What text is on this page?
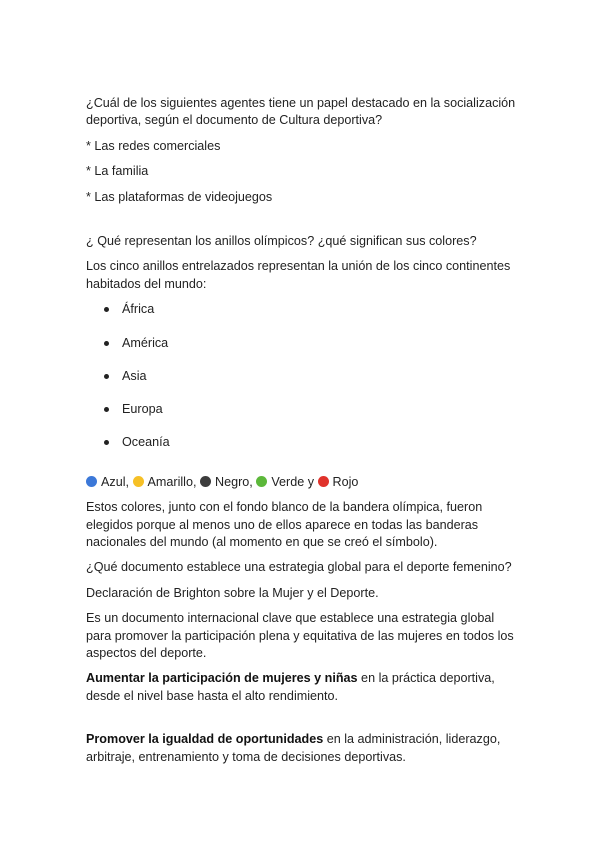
¿Cuál de los siguientes agentes tiene un papel destacado en la socialización deportiva, según el documento de Cultura deportiva?

* Las redes comerciales

* La familia

* Las plataformas de videojuegos

¿ Qué representan los anillos olímpicos? ¿qué significan sus colores?

Los cinco anillos entrelazados representan la unión de los cinco continentes habitados del mundo:

África
América
Asia
Europa
Oceanía

Azul,	Amarillo,	Negro,	Verde y	Rojo

Estos colores, junto con el fondo blanco de la bandera olímpica, fueron elegidos porque al menos uno de ellos aparece en todas las banderas nacionales del mundo (al momento en que se creó el símbolo).

¿Qué documento establece una estrategia global para el deporte femenino?

Declaración de Brighton sobre la Mujer y el Deporte.

Es un documento internacional clave que establece una estrategia global para promover la participación plena y equitativa de las mujeres en todos los aspectos del deporte.

Aumentar la participación de mujeres y niñas en la práctica deportiva, desde el nivel base hasta el alto rendimiento.

Promover la igualdad de oportunidades en la administración, liderazgo, arbitraje, entrenamiento y toma de decisiones deportivas.
